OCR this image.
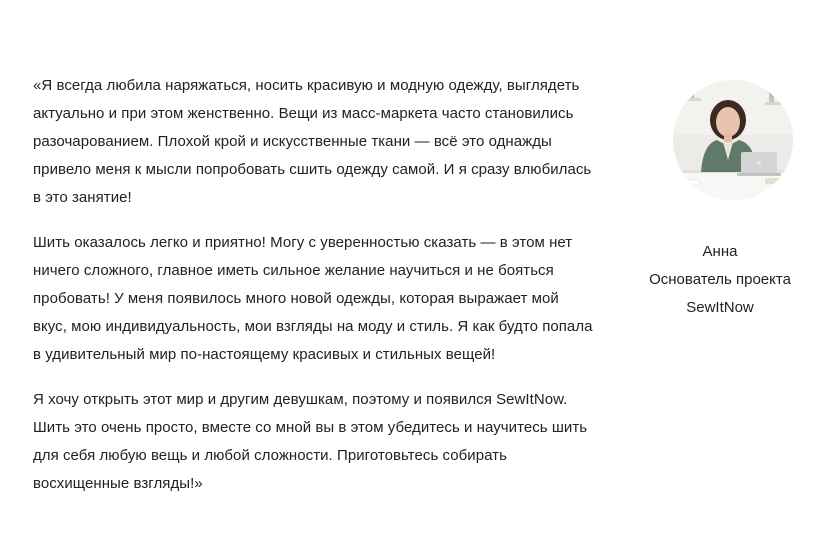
«Я всегда любила наряжаться, носить красивую и модную одежду, выглядеть актуально и при этом женственно. Вещи из масс-маркета часто становились разочарованием. Плохой крой и искусственные ткани — всё это однажды привело меня к мысли попробовать сшить одежду самой. И я сразу влюбилась в это занятие!

Шить оказалось легко и приятно! Могу с уверенностью сказать — в этом нет ничего сложного, главное иметь сильное желание научиться и не бояться пробовать! У меня появилось много новой одежды, которая выражает мой вкус, мою индивидуальность, мои взгляды на моду и стиль. Я как будто попала в удивительный мир по-настоящему красивых и стильных вещей!

Я хочу открыть этот мир и другим девушкам, поэтому и появился SewItNow. Шить это очень просто, вместе со мной вы в этом убедитесь и научитесь шить для себя любую вещь и любой сложности. Приготовьтесь собирать восхищенные взгляды!»

Анна
Основатель проекта
SewItNow
